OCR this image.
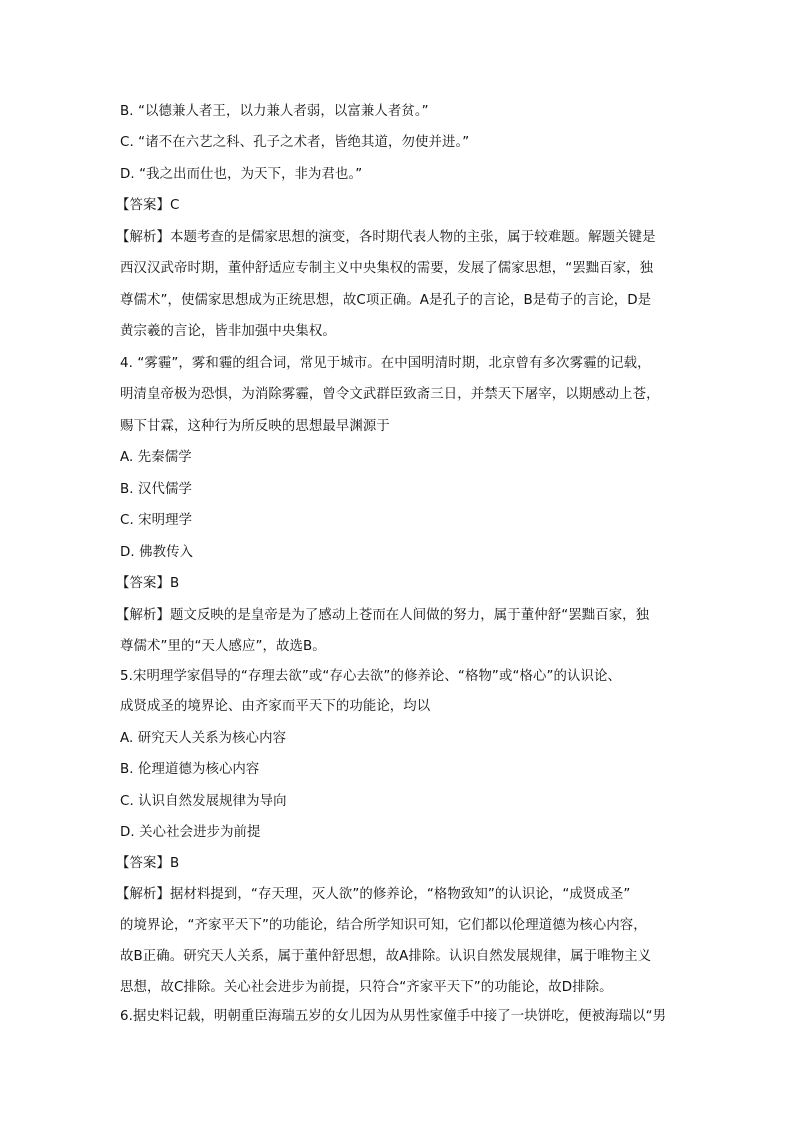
B. “以德兼人者王，以力兼人者弱，以富兼人者贫。”
C. “诸不在六艺之科、孔子之术者，皆绝其道，勿使并进。”
D. “我之出而仕也，为天下，非为君也。”
【答案】C
【解析】本题考查的是儒家思想的演变，各时期代表人物的主张，属于较难题。解题关键是
西汉汉武帝时期，董仲舒适应专制主义中央集权的需要，发展了儒家思想，“罢黜百家，独
尊儒术”，使儒家思想成为正统思想，故C项正确。A是孔子的言论，B是荀子的言论，D是
黄宗羲的言论，皆非加强中央集权。
4. “雾霾”，雾和霾的组合词，常见于城市。在中国明清时期，北京曾有多次雾霾的记载，
明清皇帝极为恐惧，为消除雾霾，曾令文武群臣致斋三日，并禁天下屠宰，以期感动上苍，
赐下甘霖，这种行为所反映的思想最早渊源于
A. 先秦儒学
B. 汉代儒学
C. 宋明理学
D. 佛教传入
【答案】B
【解析】题文反映的是皇帝是为了感动上苍而在人间做的努力，属于董仲舒“罢黜百家，独
尊儒术”里的“天人感应”，故选B。
5.宋明理学家倡导的“存理去欲”或“存心去欲”的修养论、“格物”或“格心”的认识论、
成贤成圣的境界论、由齐家而平天下的功能论，均以
A. 研究天人关系为核心内容
B. 伦理道德为核心内容
C. 认识自然发展规律为导向
D. 关心社会进步为前提
【答案】B
【解析】据材料提到，“存天理，灭人欲”的修养论，“格物致知”的认识论，“成贤成圣”
的境界论，“齐家平天下”的功能论，结合所学知识可知，它们都以伦理道德为核心内容，
故B正确。研究天人关系，属于董仲舒思想，故A排除。认识自然发展规律，属于唯物主义
思想，故C排除。关心社会进步为前提，只符合“齐家平天下”的功能论，故D排除。
6.据史料记载，明朝重臣海瑞五岁的女儿因为从男性家僮手中接了一块饼吃，便被海瑞以“男
